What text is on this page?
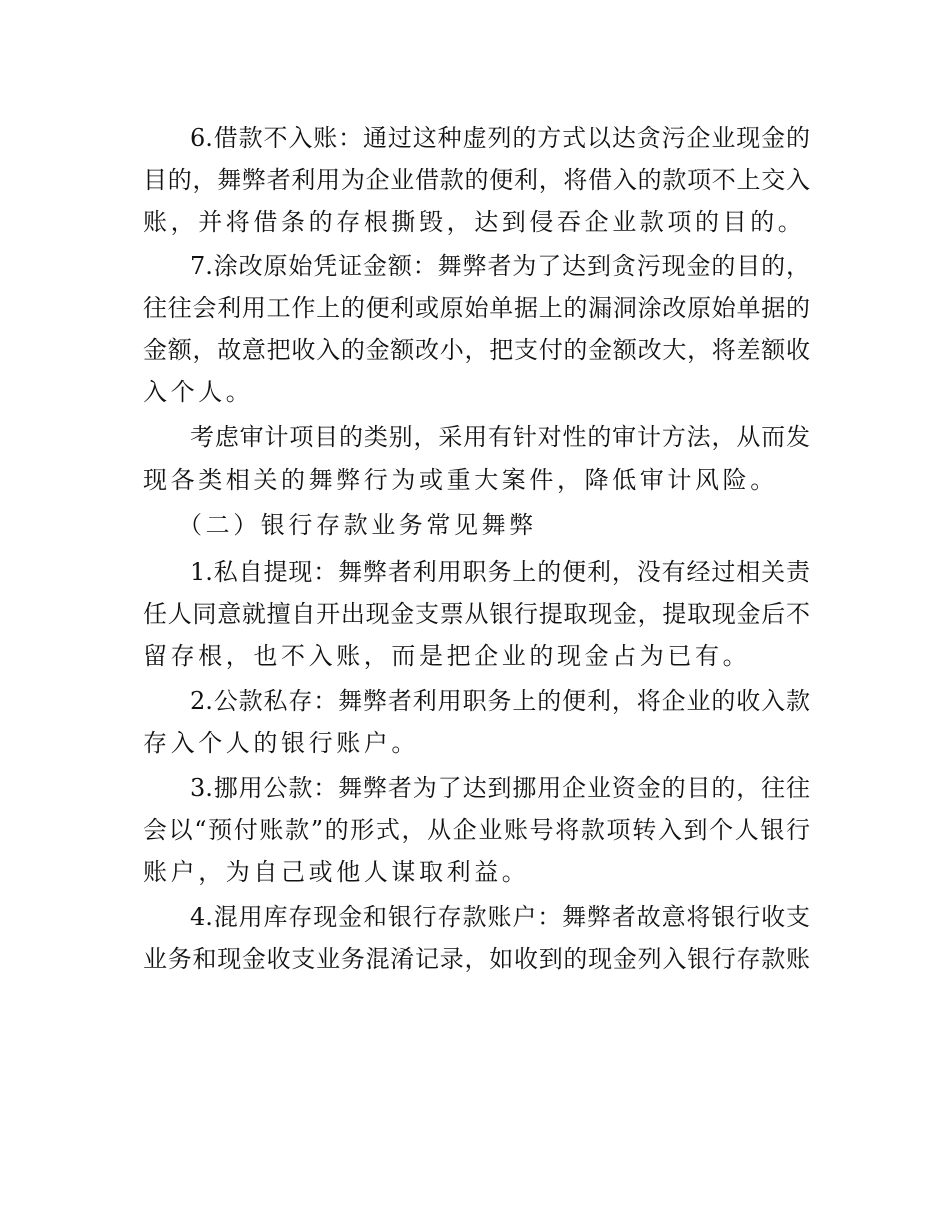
6.借款不入账：通过这种虚列的方式以达贪污企业现金的
目的，舞弊者利用为企业借款的便利，将借入的款项不上交入
账，并将借条的存根撕毁，达到侵吞企业款项的目的。
7.涂改原始凭证金额：舞弊者为了达到贪污现金的目的，
往往会利用工作上的便利或原始单据上的漏洞涂改原始单据的
金额，故意把收入的金额改小，把支付的金额改大，将差额收
入个人。
考虑审计项目的类别，采用有针对性的审计方法，从而发
现各类相关的舞弊行为或重大案件，降低审计风险。
（二）银行存款业务常见舞弊
1.私自提现：舞弊者利用职务上的便利，没有经过相关责
任人同意就擅自开出现金支票从银行提取现金，提取现金后不
留存根，也不入账，而是把企业的现金占为已有。
2.公款私存：舞弊者利用职务上的便利，将企业的收入款
存入个人的银行账户。
3.挪用公款：舞弊者为了达到挪用企业资金的目的，往往
会以“预付账款”的形式，从企业账号将款项转入到个人银行
账户，为自己或他人谋取利益。
4.混用库存现金和银行存款账户：舞弊者故意将银行收支
业务和现金收支业务混淆记录，如收到的现金列入银行存款账
